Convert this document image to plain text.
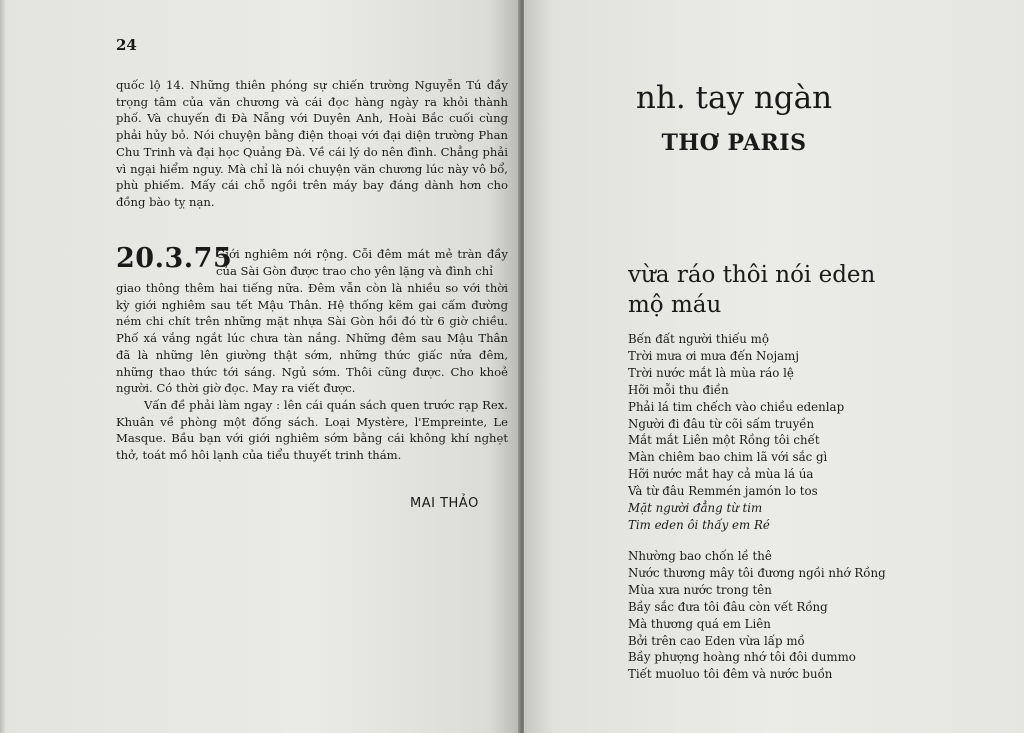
24

quốc lộ 14. Những thiên phóng sự chiến trường Nguyễn Tú đầy trọng tâm của văn chương và cái đọc hàng ngày ra khỏi thành phố. Và chuyến đi Đà Nẵng với Duyên Anh, Hoài Bắc cuối cùng phải hủy bỏ. Nói chuyện bằng điện thoại với đại diện trường Phan Chu Trinh và đại học Quảng Đà. Về cái lý do nên đình. Chẳng phải vì ngại hiểm nguy. Mà chỉ là nói chuyện văn chương lúc này vô bổ, phù phiếm. Mấy cái chỗ ngồi trên máy bay đáng dành hơn cho đồng bào tỵ nạn.

20.3.75
Giới nghiêm nới rộng. Cỗi đêm mát mẻ tràn đầy của Sài Gòn được trao cho yên lặng và đình chỉ

giao thông thêm hai tiếng nữa. Đêm vẫn còn là nhiều so với thời kỳ giới nghiêm sau tết Mậu Thân. Hệ thống kẽm gai cấm đường ném chi chít trên những mặt nhựa Sài Gòn hồi đó từ 6 giờ chiều. Phố xá vắng ngắt lúc chưa tàn nắng. Những đêm sau Mậu Thân đã là những lên giường thật sớm, những thức giấc nửa đêm, những thao thức tới sáng. Ngủ sớm. Thôi cũng được. Cho khoẻ người. Có thời giờ đọc. May ra viết được.

Vấn đề phải làm ngay : lên cái quán sách quen trước rạp Rex. Khuân về phòng một đống sách. Loại Mystère, l'Empreinte, Le Masque. Bầu bạn với giới nghiêm sớm bằng cái không khí nghẹt thở, toát mồ hôi lạnh của tiểu thuyết trinh thám.

MAI THẢO
nh. tay ngàn
THƠ PARIS
vừa ráo thôi nói eden
mộ máu
Bến đất người thiếu mộ
Trời mưa ơi mưa đến Nojamj
Trời nước mắt là mùa ráo lệ
Hỡi mỗi thu điền
Phải lá tim chếch vào chiều edenlap
Người đi đâu từ cõi sấm truyền
Mắt mắt Liên một Rồng tôi chết
Màn chiêm bao chim lã với sắc gì
Hỡi nước mắt hay cả mùa lá úa
Và từ đâu Remmén jamón lo tos
Mặt người đẳng từ tim
Tim eden ôi thấy em Ré
Nhường bao chốn lề thê
Nước thương mây tôi đương ngồi nhớ Rồng
Mùa xưa nước trong tên
Bầy sắc đưa tôi đâu còn vết Rồng
Mà thương quá em Liên
Bởi trên cao Eden vừa lấp mồ
Bầy phượng hoàng nhớ tôi đôi dummo
Tiết muoluo tôi đêm và nước buồn
